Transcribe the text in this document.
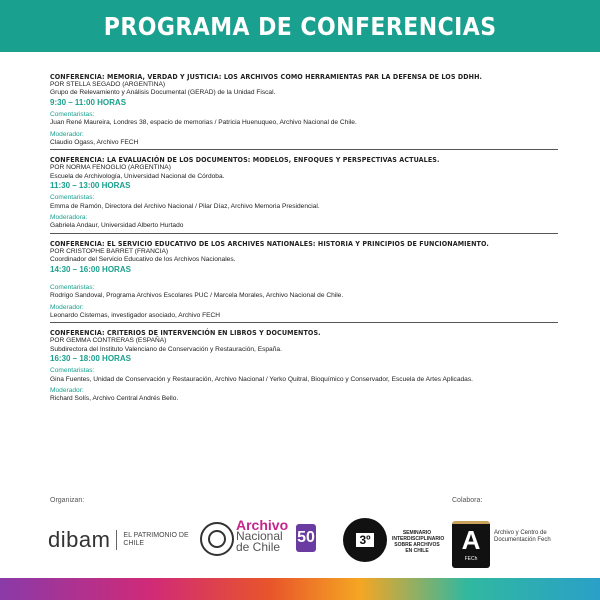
PROGRAMA DE CONFERENCIAS
CONFERENCIA: MEMORIA, VERDAD Y JUSTICIA: LOS ARCHIVOS COMO HERRAMIENTAS PAR LA DEFENSA DE LOS DDHH.
POR STELLA SEGADO (ARGENTINA)
Grupo de Relevamiento y Análisis Documental (GERAD) de la Unidad Fiscal.
9:30 – 11:00 HORAS
Comentaristas:
Juan René Maureira, Londres 38, espacio de memorias / Patricia Huenuqueo, Archivo Nacional de Chile.
Moderador:
Claudio Ogass, Archivo FECH
CONFERENCIA: LA EVALUACIÓN DE LOS DOCUMENTOS: MODELOS, ENFOQUES Y PERSPECTIVAS ACTUALES.
POR NORMA FENOGLIO (ARGENTINA)
Escuela de Archivología, Universidad Nacional de Córdoba.
11:30 – 13:00 HORAS
Comentaristas:
Emma de Ramón, Directora del Archivo Nacional / Pilar Díaz, Archivo Memoria Presidencial.
Moderadora:
Gabriela Andaur, Universidad Alberto Hurtado
CONFERENCIA: EL SERVICIO EDUCATIVO DE LOS ARCHIVES NATIONALES: HISTORIA Y PRINCIPIOS DE FUNCIONAMIENTO.
POR CRISTOPHE BARRET (FRANCIA)
Coordinador del Servicio Educativo de los Archivos Nacionales.
14:30 – 16:00 HORAS
Comentaristas:
Rodrigo Sandoval, Programa Archivos Escolares PUC / Marcela Morales, Archivo Nacional de Chile.
Moderador:
Leonardo Cisternas, investigador asociado, Archivo FECH
CONFERENCIA: CRITERIOS DE INTERVENCIÓN EN LIBROS Y DOCUMENTOS.
POR GEMMA CONTRERAS (ESPAÑA)
Subdirectora del Instituto Valenciano de Conservación y Restauración, España.
16:30 – 18:00 HORAS
Comentaristas:
Gina Fuentes, Unidad de Conservación y Restauración, Archivo Nacional / Yerko Quitral, Bioquímico y Conservador, Escuela de Artes Aplicadas.
Moderador:
Richard Solís, Archivo Central Andrés Bello.
Organizan:	Colabora:
dibam EL PATRIMONIO DE CHILE
Archivo
Nacional
de Chile
50	3º	SEMINARIO INTERDISCIPLINARIO SOBRE ARCHIVOS EN CHILE	A
FECh
Archivo y Centro de Documentación Fech
